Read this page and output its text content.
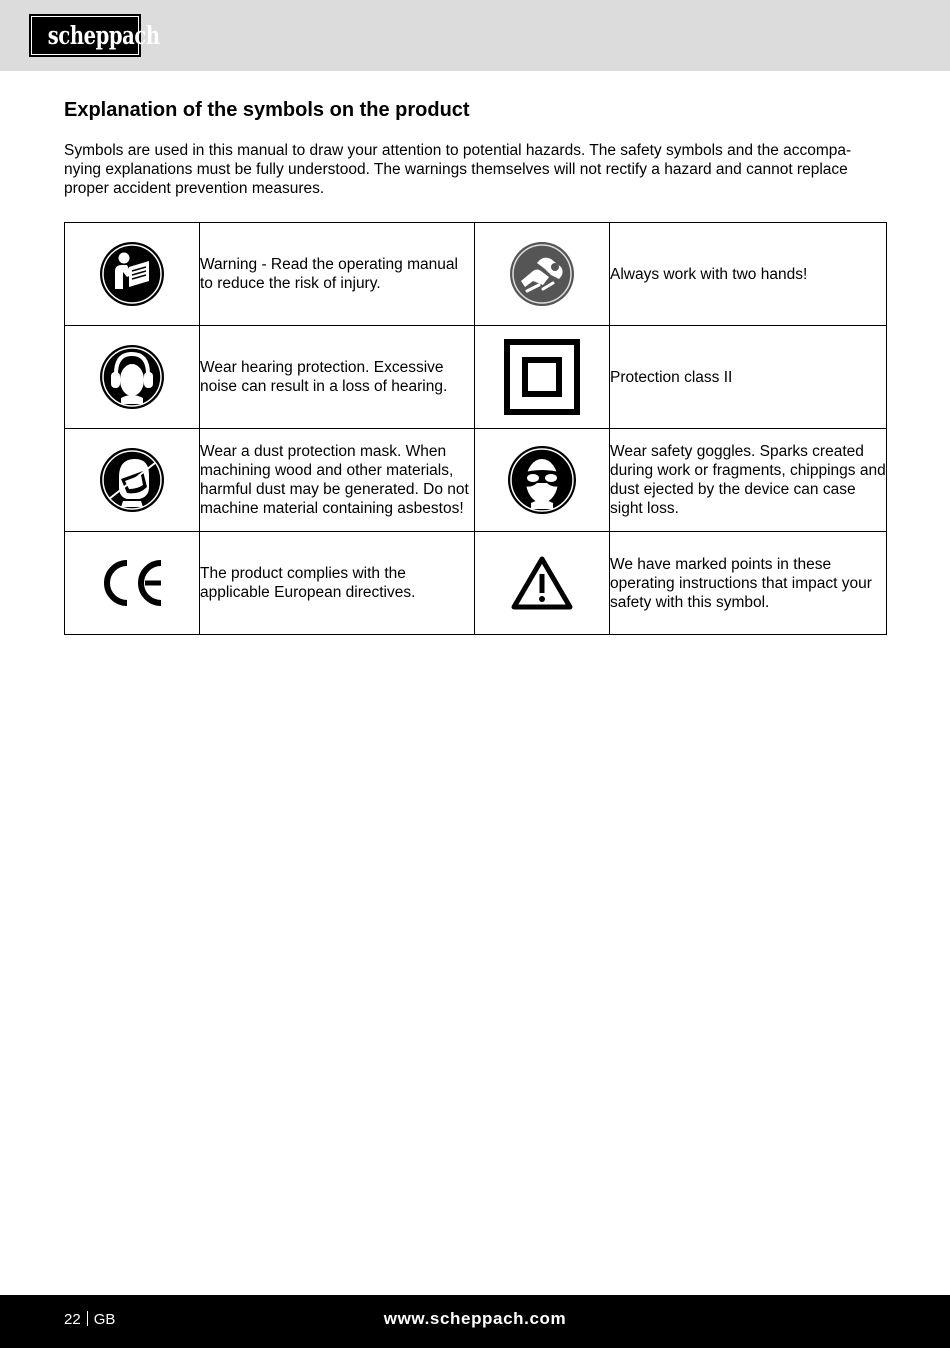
scheppach
Explanation of the symbols on the product

Symbols are used in this manual to draw your attention to potential hazards. The safety symbols and the accompa-nying explanations must be fully understood. The warnings themselves will not rectify a hazard and cannot replace proper accident prevention measures.

	Warning - Read the operating manual to reduce the risk of injury.		Always work with two hands!

	Wear hearing protection. Excessive noise can result in a loss of hearing.		Protection class II

	Wear a dust protection mask. When machining wood and other materials, harmful dust may be generated. Do not machine material containing asbestos!		Wear safety goggles. Sparks created during work or fragments, chippings and dust ejected by the device can case sight loss.

	The product complies with the applicable European directives.		We have marked points in these operating instructions that impact your safety with this symbol.
22 GB	www.scheppach.com
